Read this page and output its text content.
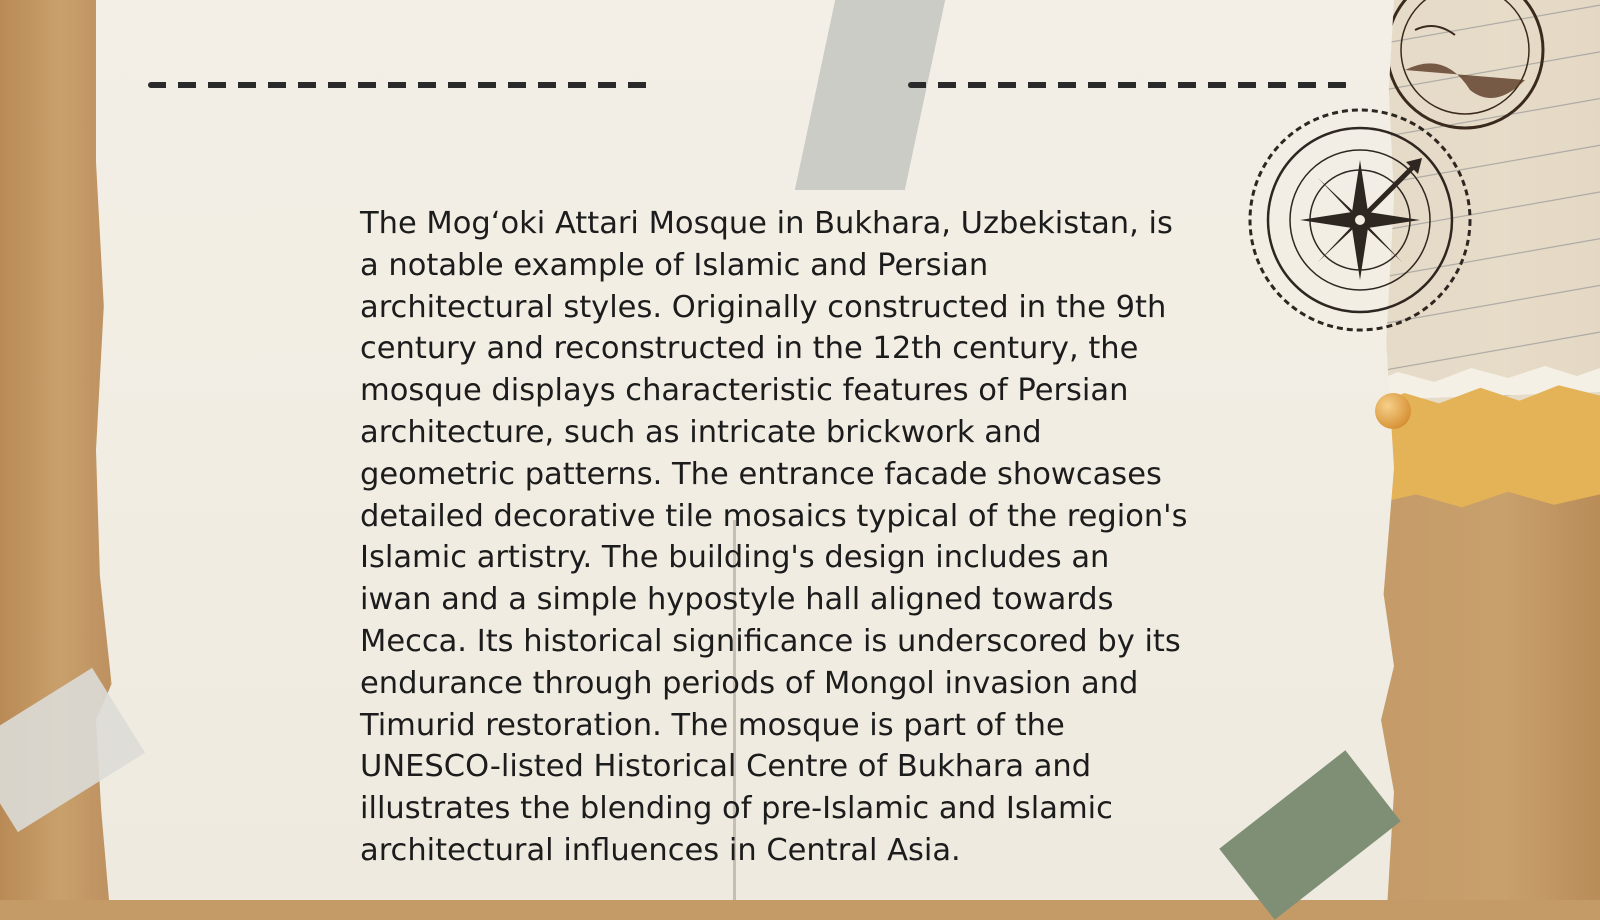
The Mog‘oki Attari Mosque in Bukhara, Uzbekistan, is
a notable example of Islamic and Persian
architectural styles. Originally constructed in the 9th
century and reconstructed in the 12th century, the
mosque displays characteristic features of Persian
architecture, such as intricate brickwork and
geometric patterns. The entrance facade showcases
detailed decorative tile mosaics typical of the region's
Islamic artistry. The building's design includes an
iwan and a simple hypostyle hall aligned towards
Mecca. Its historical significance is underscored by its
endurance through periods of Mongol invasion and
Timurid restoration. The mosque is part of the
UNESCO-listed Historical Centre of Bukhara and
illustrates the blending of pre-Islamic and Islamic
architectural influences in Central Asia.
